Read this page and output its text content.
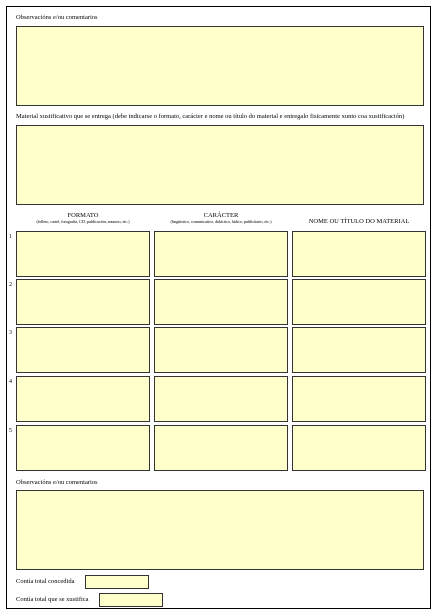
Observacións e/ou comentarios
Material xustificativo que se entrega (debe indicarse o formato, carácter e nome ou título do material e entregalo fisicamente xunto coa xustificación)
FORMATO
(folleto, cartel, fotografía, CD, publicación, anuncio, etc.)
CARÁCTER
(lingüístico, comunicativo, didáctico, lúdico, publicitario, etc.)	NOME OU TÍTULO DO MATERIAL
1
2
3
4
5
Observacións e/ou comentarios
Contía total concedida
Contía total que se xustifica
